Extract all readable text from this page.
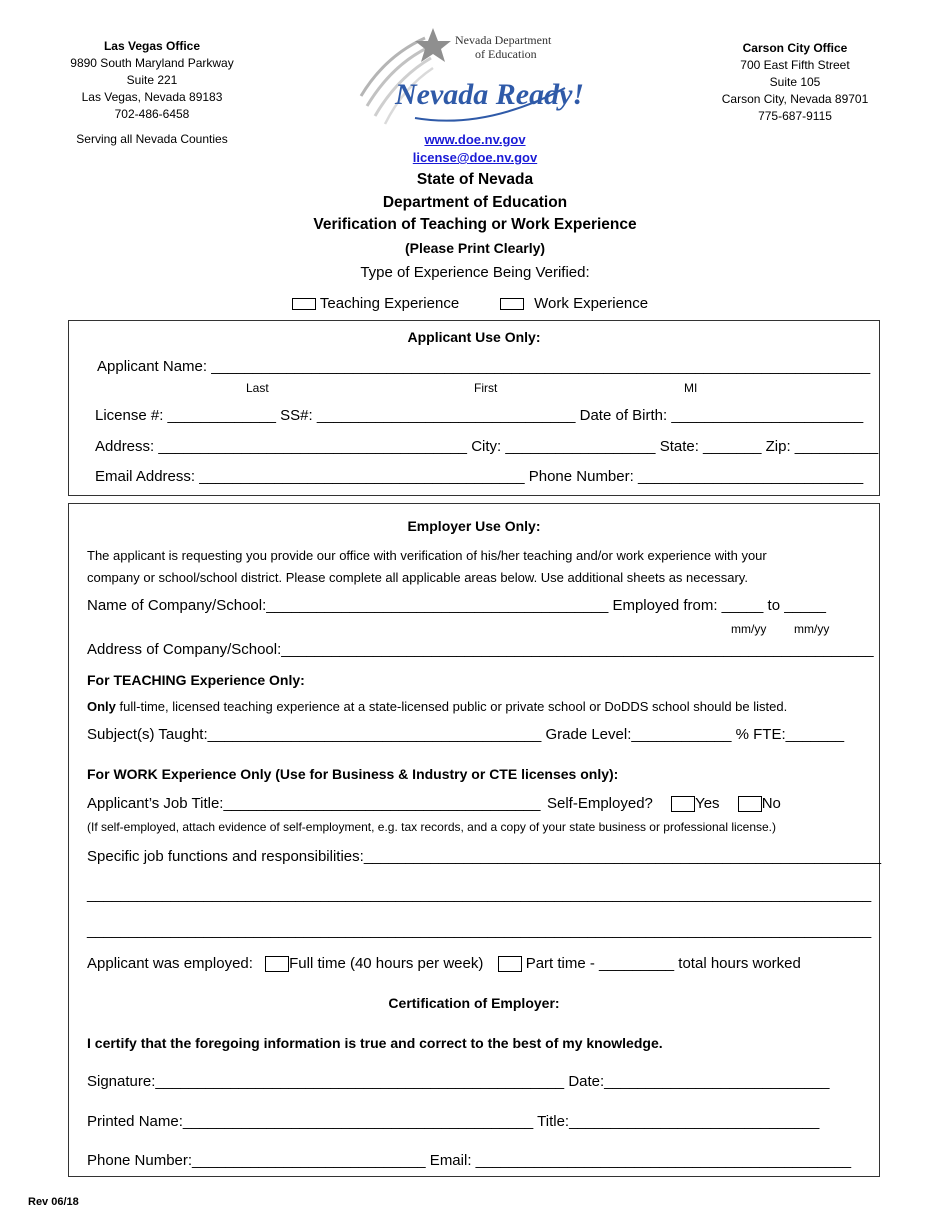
Las Vegas Office
9890 South Maryland Parkway
Suite 221
Las Vegas, Nevada 89183
702-486-6458
Serving all Nevada Counties
Nevada Department
of Education
Nevada Ready!
Carson City Office
700 East Fifth Street
Suite 105
Carson City, Nevada 89701
775-687-9115
www.doe.nv.gov
license@doe.nv.gov
State of Nevada
Department of Education
Verification of Teaching or Work Experience
(Please Print Clearly)
Type of Experience Being Verified:
Teaching Experience	Work Experience
Applicant Use Only:
Applicant Name: _______________________________________________________________________________
Last	First	MI
License #: _____________ SS#: _______________________________ Date of Birth: _______________________
Address: _____________________________________ City: __________________ State: _______ Zip: __________
Email Address: _______________________________________ Phone Number: ___________________________
Employer Use Only:
The applicant is requesting you provide our office with verification of his/her teaching and/or work experience with your
company or school/school district. Please complete all applicable areas below. Use additional sheets as necessary.
Name of Company/School:_________________________________________ Employed from: _____ to _____
mm/yy mm/yy
Address of Company/School:_______________________________________________________________________
For TEACHING Experience Only:
Only full-time, licensed teaching experience at a state-licensed public or private school or DoDDS school should be listed.
Subject(s) Taught:________________________________________ Grade Level:____________ % FTE:_______
For WORK Experience Only (Use for Business & Industry or CTE licenses only):
Applicant’s Job Title:______________________________________ Self-Employed?	Yes	No
(If self-employed, attach evidence of self-employment, e.g. tax records, and a copy of your state business or professional license.)
Specific job functions and responsibilities:______________________________________________________________
______________________________________________________________________________________________
______________________________________________________________________________________________
Applicant was employed: Full time (40 hours per week)	Part time - _________ total hours worked
Certification of Employer:
I certify that the foregoing information is true and correct to the best of my knowledge.
Signature:_________________________________________________ Date:___________________________
Printed Name:__________________________________________ Title:______________________________
Phone Number:____________________________ Email: _____________________________________________
Rev 06/18
